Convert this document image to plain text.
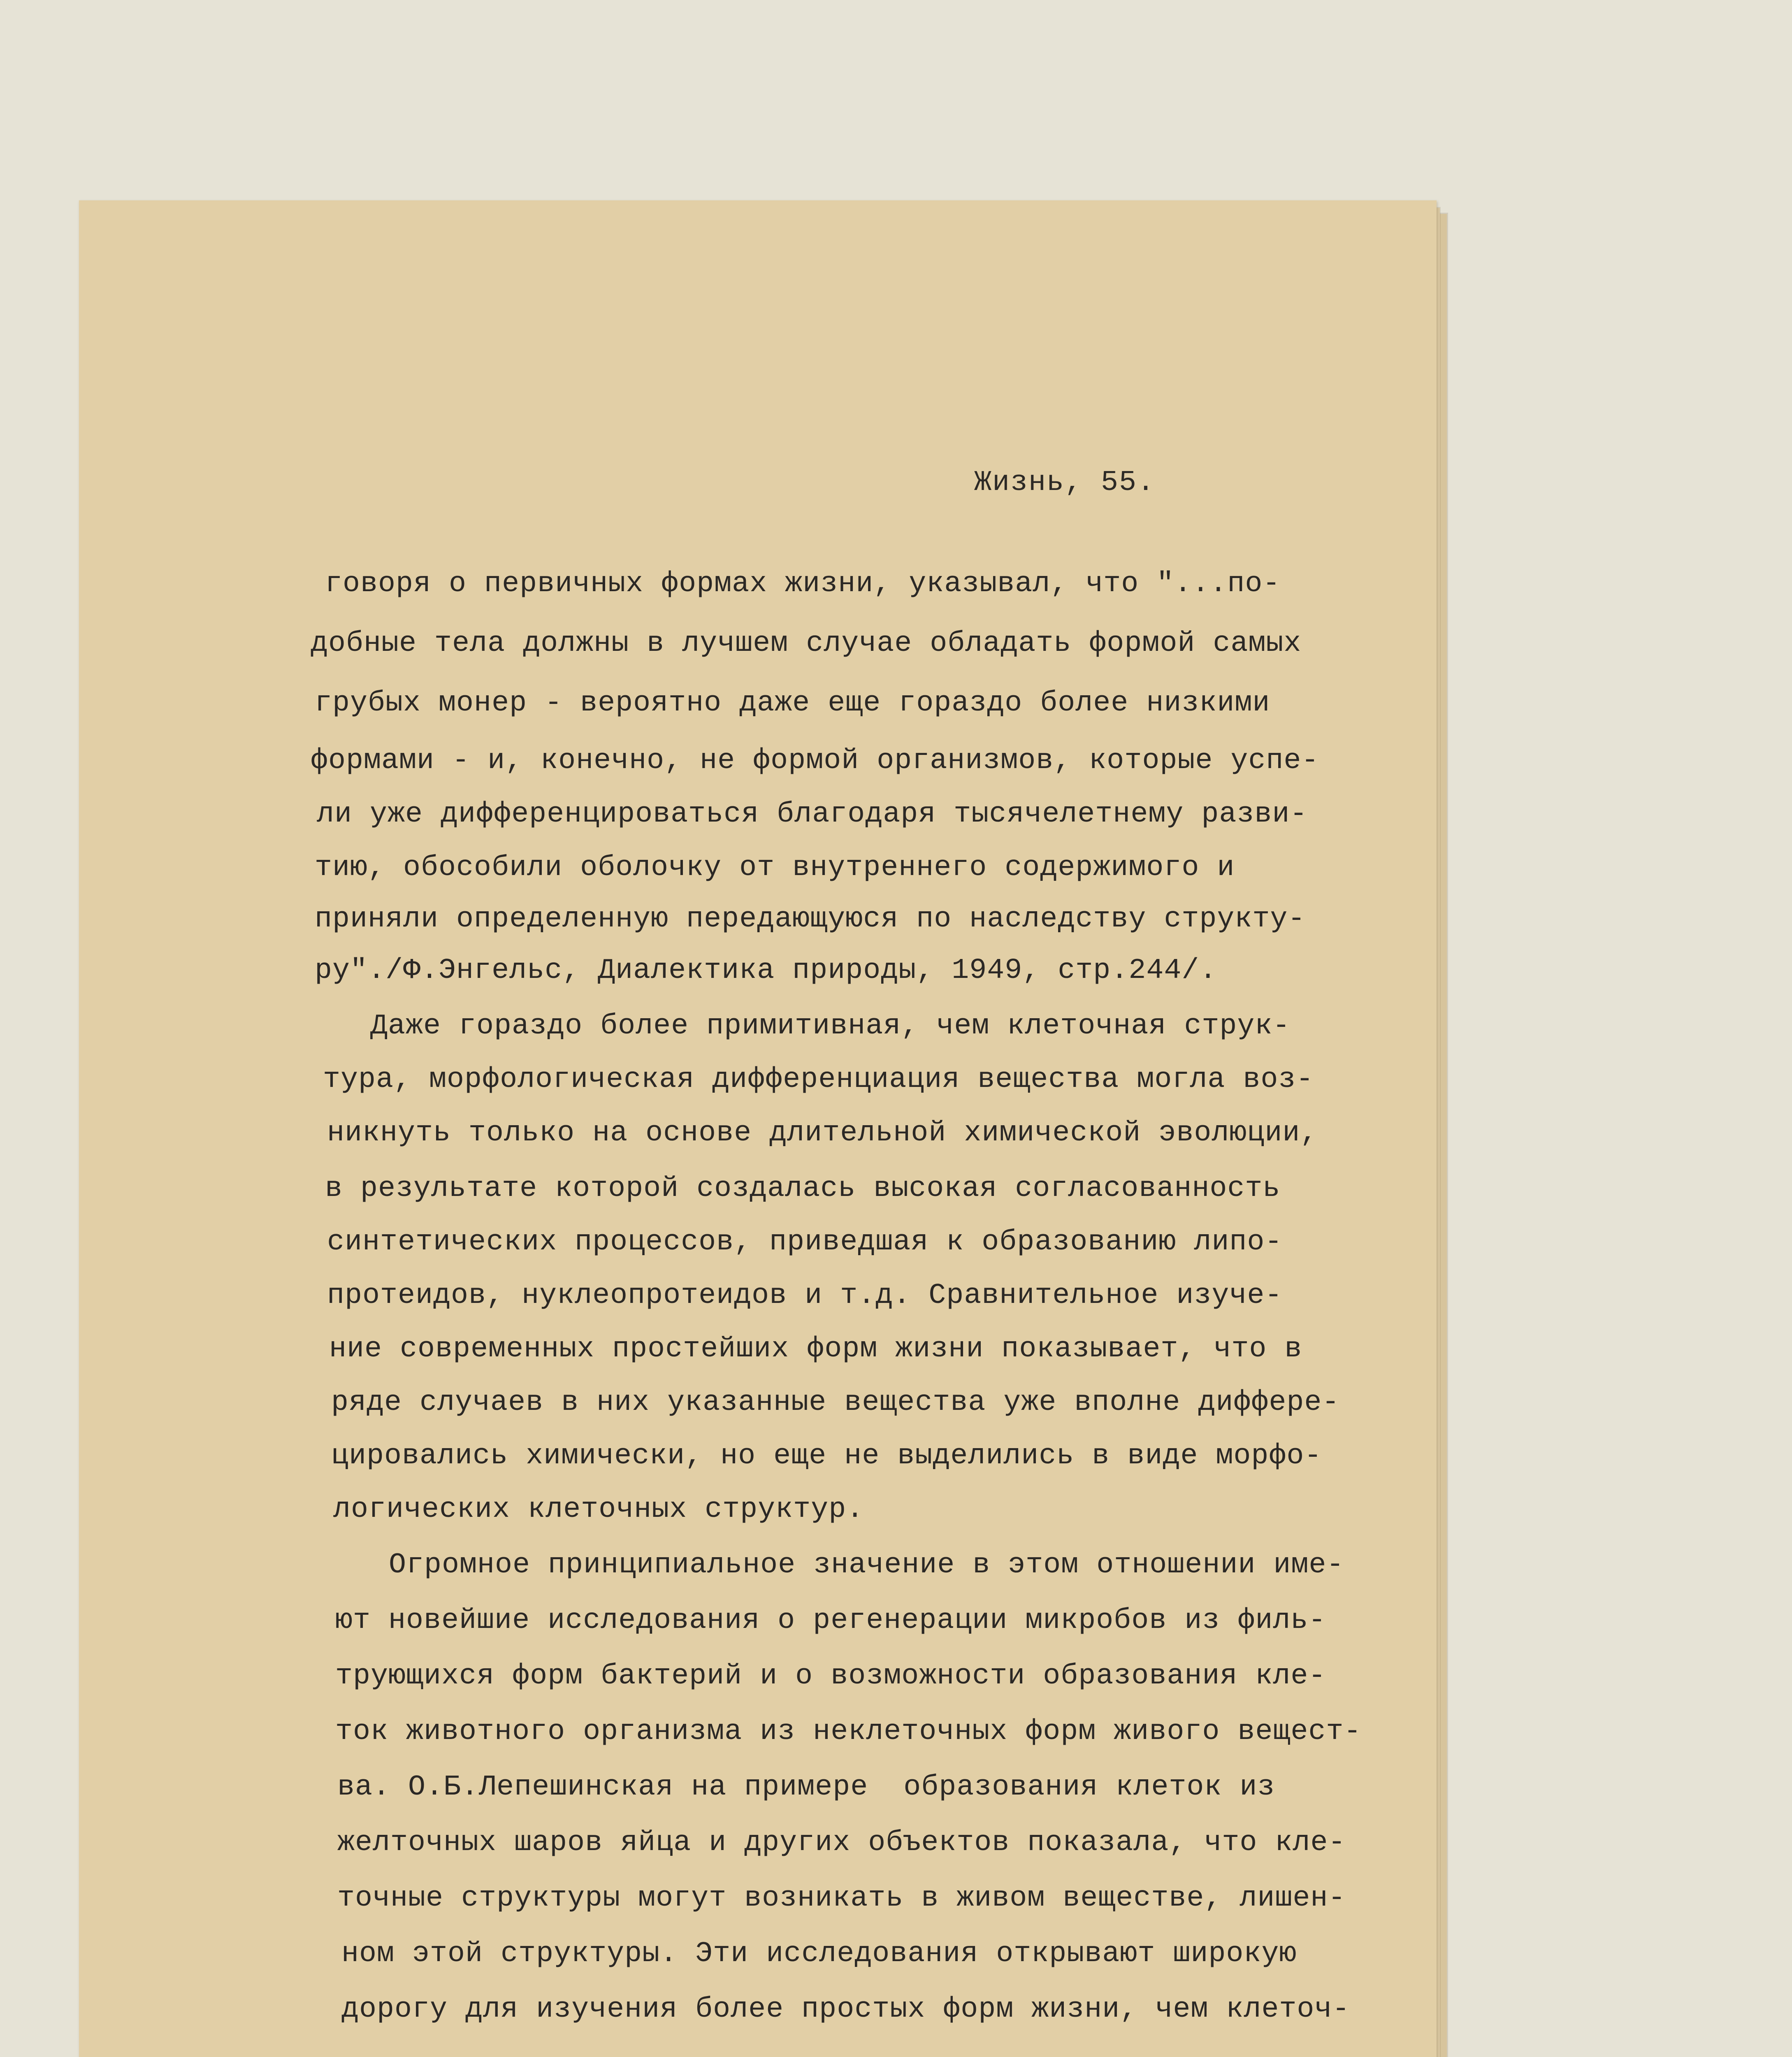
Жизнь, 55.
говоря о первичных формах жизни, указывал, что "...по-
добные тела должны в лучшем случае обладать формой самых
грубых монер - вероятно даже еще гораздо более низкими
формами - и, конечно, не формой организмов, которые успе-
ли уже дифференцироваться благодаря тысячелетнему разви-
тию, обособили оболочку от внутреннего содержимого и
приняли определенную передающуюся по наследству структу-
ру"./Ф.Энгельс, Диалектика природы, 1949, стр.244/.
Даже гораздо более примитивная, чем клеточная струк-
тура, морфологическая дифференциация вещества могла воз-
никнуть только на основе длительной химической эволюции,
в результате которой создалась высокая согласованность
синтетических процессов, приведшая к образованию липо-
протеидов, нуклеопротеидов и т.д. Сравнительное изуче-
ние современных простейших форм жизни показывает, что в
ряде случаев в них указанные вещества уже вполне диффере-
цировались химически, но еще не выделились в виде морфо-
логических клеточных структур.
Огромное принципиальное значение в этом отношении име-
ют новейшие исследования о регенерации микробов из филь-
трующихся форм бактерий и о возможности образования кле-
ток животного организма из неклеточных форм живого вещест-
ва. О.Б.Лепешинская на примере  образования клеток из
желточных шаров яйца и других объектов показала, что кле-
точные структуры могут возникать в живом веществе, лишен-
ном этой структуры. Эти исследования открывают широкую
дорогу для изучения более простых форм жизни, чем клеточ-
